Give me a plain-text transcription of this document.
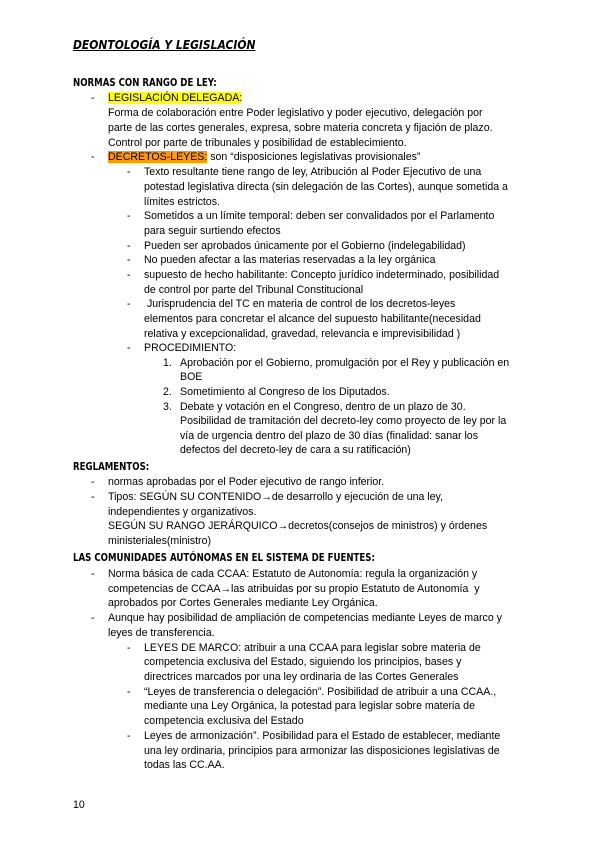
DEONTOLOGÍA Y LEGISLACIÓN
NORMAS CON RANGO DE LEY:
- LEGISLACIÓN DELEGADA:
Forma de colaboración entre Poder legislativo y poder ejecutivo, delegación por
parte de las cortes generales, expresa, sobre materia concreta y fijación de plazo.
Control por parte de tribunales y posibilidad de establecimiento.
- DECRETOS-LEYES: son “disposiciones legislativas provisionales”
- Texto resultante tiene rango de ley, Atribución al Poder Ejecutivo de una
potestad legislativa directa (sin delegación de las Cortes), aunque sometida a
límites estrictos.
- Sometidos a un límite temporal: deben ser convalidados por el Parlamento
para seguir surtiendo efectos
- Pueden ser aprobados únicamente por el Gobierno (indelegabilidad)
- No pueden afectar a las materias reservadas a la ley orgánica
- supuesto de hecho habilitante: Concepto jurídico indeterminado, posibilidad
de control por parte del Tribunal Constitucional
- Jurisprudencia del TC en materia de control de los decretos-leyes
elementos para concretar el alcance del supuesto habilitante(necesidad
relativa y excepcionalidad, gravedad, relevancia e imprevisibilidad )
- PROCEDIMIENTO:
1. Aprobación por el Gobierno, promulgación por el Rey y publicación en
BOE
2. Sometimiento al Congreso de los Diputados.
3. Debate y votación en el Congreso, dentro de un plazo de 30.
Posibilidad de tramitación del decreto-ley como proyecto de ley por la
vía de urgencia dentro del plazo de 30 días (finalidad: sanar los
defectos del decreto-ley de cara a su ratificación)
REGLAMENTOS:
- normas aprobadas por el Poder ejecutivo de rango inferior.
- Tipos: SEGÚN SU CONTENIDO→de desarrollo y ejecución de una ley,
independientes y organizativos.
SEGÚN SU RANGO JERÁRQUICO→decretos(consejos de ministros) y órdenes
ministeriales(ministro)
LAS COMUNIDADES AUTÓNOMAS EN EL SISTEMA DE FUENTES:
- Norma básica de cada CCAA: Estatuto de Autonomía: regula la organización y
competencias de CCAA→las atribuidas por su propio Estatuto de Autonomía  y
aprobados por Cortes Generales mediante Ley Orgánica.
- Aunque hay posibilidad de ampliación de competencias mediante Leyes de marco y
leyes de transferencia.
- LEYES DE MARCO: atribuir a una CCAA para legislar sobre materia de
competencia exclusiva del Estado, siguiendo los principios, bases y
directrices marcados por una ley ordinaria de las Cortes Generales
- “Leyes de transferencia o delegación”. Posibilidad de atribuir a una CCAA.,
mediante una Ley Orgánica, la potestad para legislar sobre materia de
competencia exclusiva del Estado
- Leyes de armonización”. Posibilidad para el Estado de establecer, mediante
una ley ordinaria, principios para armonizar las disposiciones legislativas de
todas las CC.AA.
10
